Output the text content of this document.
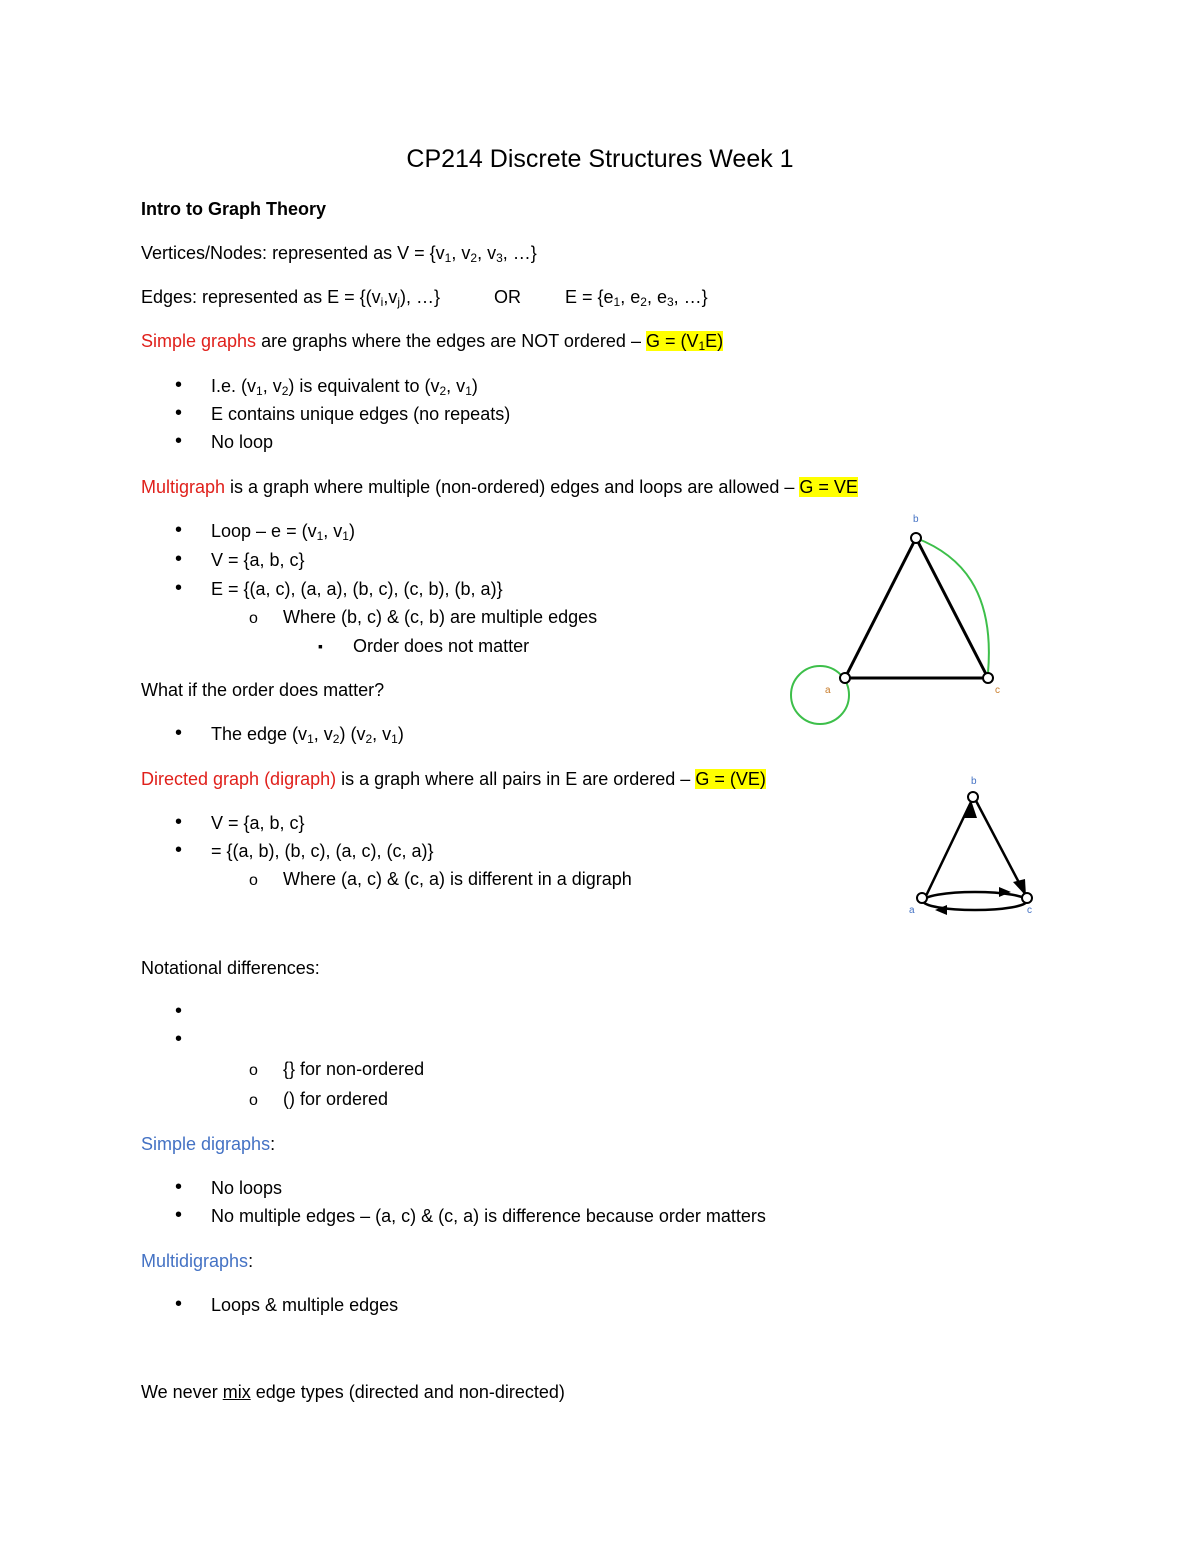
CP214 Discrete Structures Week 1
Intro to Graph Theory
Vertices/Nodes: represented as $V = \{v_1$, $v_2$, $v_3$, …}
Edges: represented as $E = \{(v_i,v_j)$, …}	OR $E = \{e_1$, $e_2$, $e_3$, …}
Simple graphs are graphs where the edges are NOT ordered – $G = (V_1E)$
•
I.e. ($v_1$, $v_2$) is equivalent to ($v_2$, $v_1$)
•
E contains unique edges (no repeats)
•
No loop
Multigraph is a graph where multiple (non-ordered) edges and loops are allowed – G = VE
•
Loop – $e = (v_1$, $v_1$)
•
V = {a, b, c}
•
E = {(a, c), (a, a), (b, c), (c, b), (b, a)}
o
Where (b, c) & (c, b) are multiple edges
▪
Order does not matter
What if the order does matter?
•
The edge ($v_1$, $v_2$) ($v_2$, $v_1$)
Directed graph (digraph) is a graph where all pairs in E are ordered – G = (VE)
•
V = {a, b, c}
•
= {(a, b), (b, c), (a, c), (c, a)}
o
Where (a, c) & (c, a) is different in a digraph
Notational differences:
•
•
o
{} for non-ordered
o
() for ordered
Simple digraphs:
•
No loops
•
No multiple edges – (a, c) & (c, a) is difference because order matters
Multidigraphs:
•
Loops & multiple edges
We never mix edge types (directed and non-directed)
a
b
c
a
b
c
